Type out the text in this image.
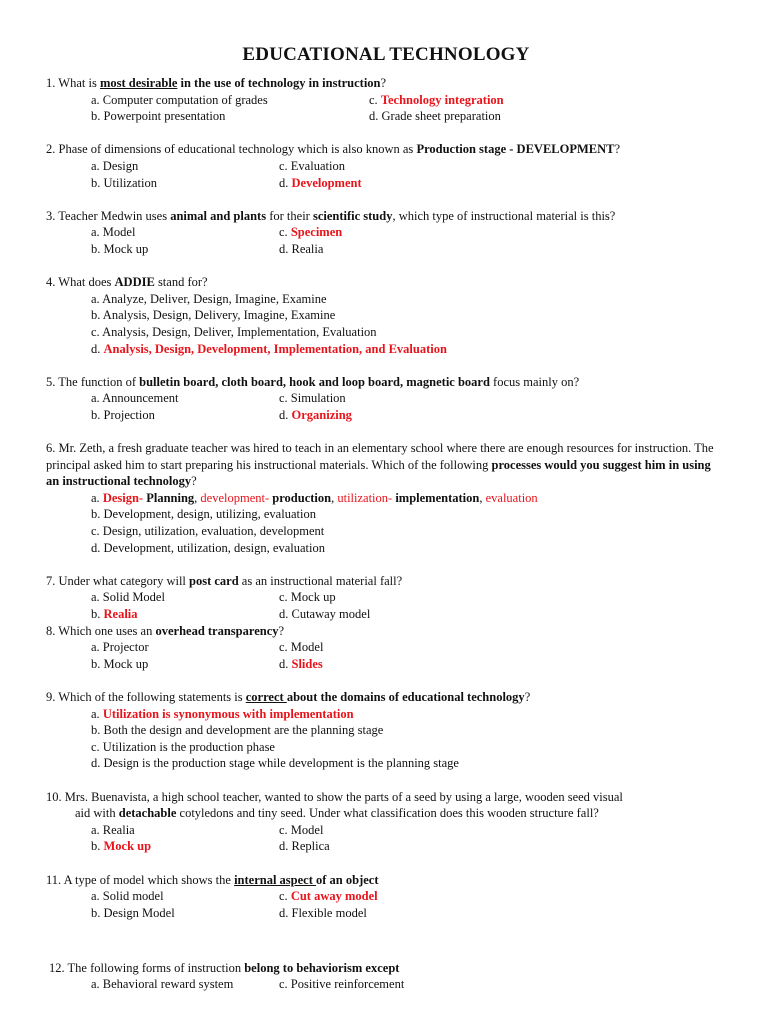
EDUCATIONAL TECHNOLOGY
1. What is most desirable in the use of technology in instruction?
a. Computer computation of grades	c. Technology integration
b. Powerpoint presentation	d. Grade sheet preparation
2. Phase of dimensions of educational technology which is also known as Production stage - DEVELOPMENT?
a. Design	c. Evaluation
b. Utilization	d. Development
3. Teacher Medwin uses animal and plants for their scientific study, which type of instructional material is this?
a. Model	c. Specimen
b. Mock up	d. Realia
4. What does ADDIE stand for?
a. Analyze, Deliver, Design, Imagine, Examine
b. Analysis, Design, Delivery, Imagine, Examine
c. Analysis, Design, Deliver, Implementation, Evaluation
d. Analysis, Design, Development, Implementation, and Evaluation
5. The function of bulletin board, cloth board, hook and loop board, magnetic board focus mainly on?
a. Announcement	c. Simulation
b. Projection	d. Organizing
6. Mr. Zeth, a fresh graduate teacher was hired to teach in an elementary school where there are enough resources for instruction. The principal asked him to start preparing his instructional materials. Which of the following processes would you suggest him in using an instructional technology?
a. Design- Planning, development- production, utilization- implementation, evaluation
b. Development, design, utilizing, evaluation
c. Design, utilization, evaluation, development
d. Development, utilization, design, evaluation
7. Under what category will post card as an instructional material fall?
a. Solid Model	c. Mock up
b. Realia	d. Cutaway model
8. Which one uses an overhead transparency?
a. Projector	c. Model
b. Mock up	d. Slides
9. Which of the following statements is correct about the domains of educational technology?
a. Utilization is synonymous with implementation
b. Both the design and development are the planning stage
c. Utilization is the production phase
d. Design is the production stage while development is the planning stage
10. Mrs. Buenavista, a high school teacher, wanted to show the parts of a seed by using a large, wooden seed visual
aid with detachable cotyledons and tiny seed. Under what classification does this wooden structure fall?
a. Realia	c. Model
b. Mock up	d. Replica
11. A type of model which shows the internal aspect of an object
a. Solid model	c. Cut away model
b. Design Model	d. Flexible model
12. The following forms of instruction belong to behaviorism except
a. Behavioral reward system	c. Positive reinforcement
